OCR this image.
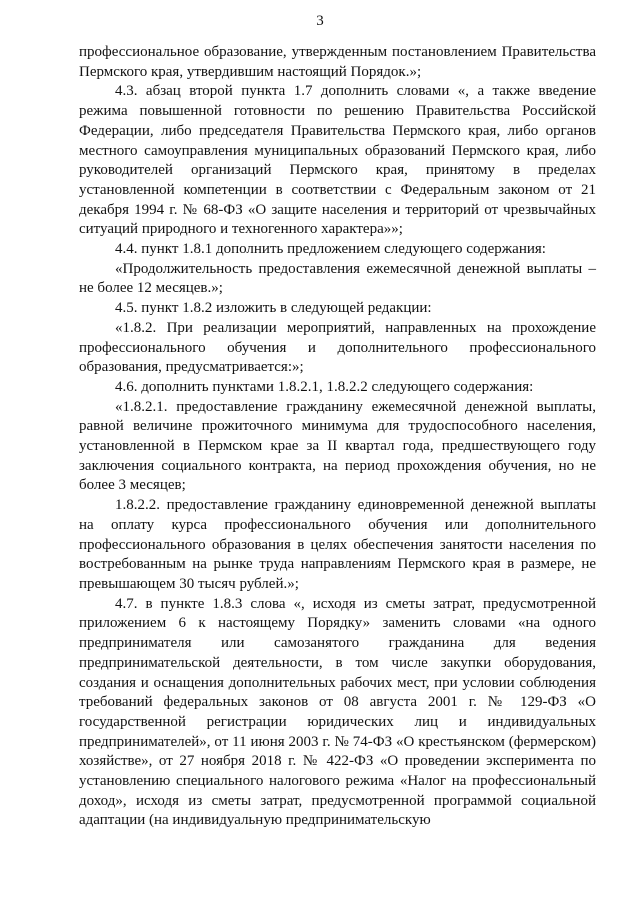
3

профессиональное образование, утвержденным постановлением Правительства Пермского края, утвердившим настоящий Порядок.»;

4.3. абзац второй пункта 1.7 дополнить словами «, а также введение режима повышенной готовности по решению Правительства Российской Федерации, либо председателя Правительства Пермского края, либо органов местного самоуправления муниципальных образований Пермского края, либо руководителей организаций Пермского края, принятому в пределах установленной компетенции в соответствии с Федеральным законом от 21 декабря 1994 г. № 68-ФЗ «О защите населения и территорий от чрезвычайных ситуаций природного и техногенного характера»»;

4.4. пункт 1.8.1 дополнить предложением следующего содержания:

«Продолжительность предоставления ежемесячной денежной выплаты – не более 12 месяцев.»;

4.5. пункт 1.8.2 изложить в следующей редакции:

«1.8.2. При реализации мероприятий, направленных на прохождение профессионального обучения и дополнительного профессионального образования, предусматривается:»;

4.6. дополнить пунктами 1.8.2.1, 1.8.2.2 следующего содержания:

«1.8.2.1. предоставление гражданину ежемесячной денежной выплаты, равной величине прожиточного минимума для трудоспособного населения, установленной в Пермском крае за II квартал года, предшествующего году заключения социального контракта, на период прохождения обучения, но не более 3 месяцев;

1.8.2.2. предоставление гражданину единовременной денежной выплаты на оплату курса профессионального обучения или дополнительного профессионального образования в целях обеспечения занятости населения по востребованным на рынке труда направлениям Пермского края в размере, не превышающем 30 тысяч рублей.»;

4.7. в пункте 1.8.3 слова «, исходя из сметы затрат, предусмотренной приложением 6 к настоящему Порядку» заменить словами «на одного предпринимателя или самозанятого гражданина для ведения предпринимательской деятельности, в том числе закупки оборудования, создания и оснащения дополнительных рабочих мест, при условии соблюдения требований федеральных законов от 08 августа 2001 г. № 129-ФЗ «О государственной регистрации юридических лиц и индивидуальных предпринимателей», от 11 июня 2003 г. № 74-ФЗ «О крестьянском (фермерском) хозяйстве», от 27 ноября 2018 г. № 422-ФЗ «О проведении эксперимента по установлению специального налогового режима «Налог на профессиональный доход», исходя из сметы затрат, предусмотренной программой социальной адаптации (на индивидуальную предпринимательскую
